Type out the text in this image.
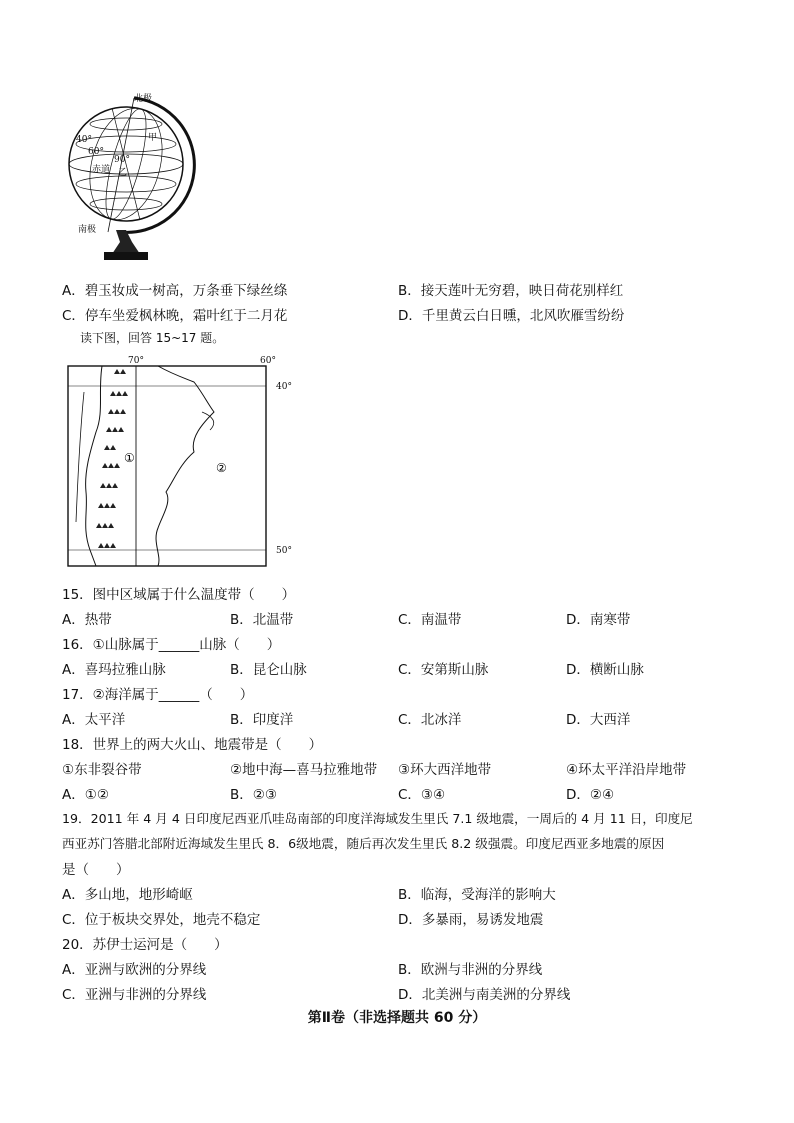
北极
南极
甲
乙
赤道
60°
90°
40°
A．碧玉妆成一树高，万条垂下绿丝绦	B．接天莲叶无穷碧，映日荷花别样红
C．停车坐爱枫林晚，霜叶红于二月花	D．千里黄云白日曛，北风吹雁雪纷纷
读下图，回答 15~17 题。
70°	60°
40°
50°
①
②
15．图中区域属于什么温度带（　　）
A．热带	B．北温带	C．南温带	D．南寒带
16．①山脉属于______山脉（　　）
A．喜玛拉雅山脉	B．昆仑山脉	C．安第斯山脉	D．横断山脉
17．②海洋属于______（　　）
A．太平洋	B．印度洋	C．北冰洋	D．大西洋
18．世界上的两大火山、地震带是（　　）
①东非裂谷带	②地中海—喜马拉雅地带 ③环大西洋地带	④环太平洋沿岸地带
A．①②	B．②③	C．③④	D．②④
19．2011 年 4 月 4 日印度尼西亚爪哇岛南部的印度洋海域发生里氏 7.1 级地震，一周后的 4 月 11 日，印度尼
西亚苏门答腊北部附近海域发生里氏 8．6级地震，随后再次发生里氏 8.2 级强震。印度尼西亚多地震的原因
是（　　）
A．多山地，地形崎岖	B．临海，受海洋的影响大
C．位于板块交界处，地壳不稳定	D．多暴雨，易诱发地震
20．苏伊士运河是（　　）
A．亚洲与欧洲的分界线	B．欧洲与非洲的分界线
C．亚洲与非洲的分界线	D．北美洲与南美洲的分界线
第Ⅱ卷（非选择题共 60 分）
